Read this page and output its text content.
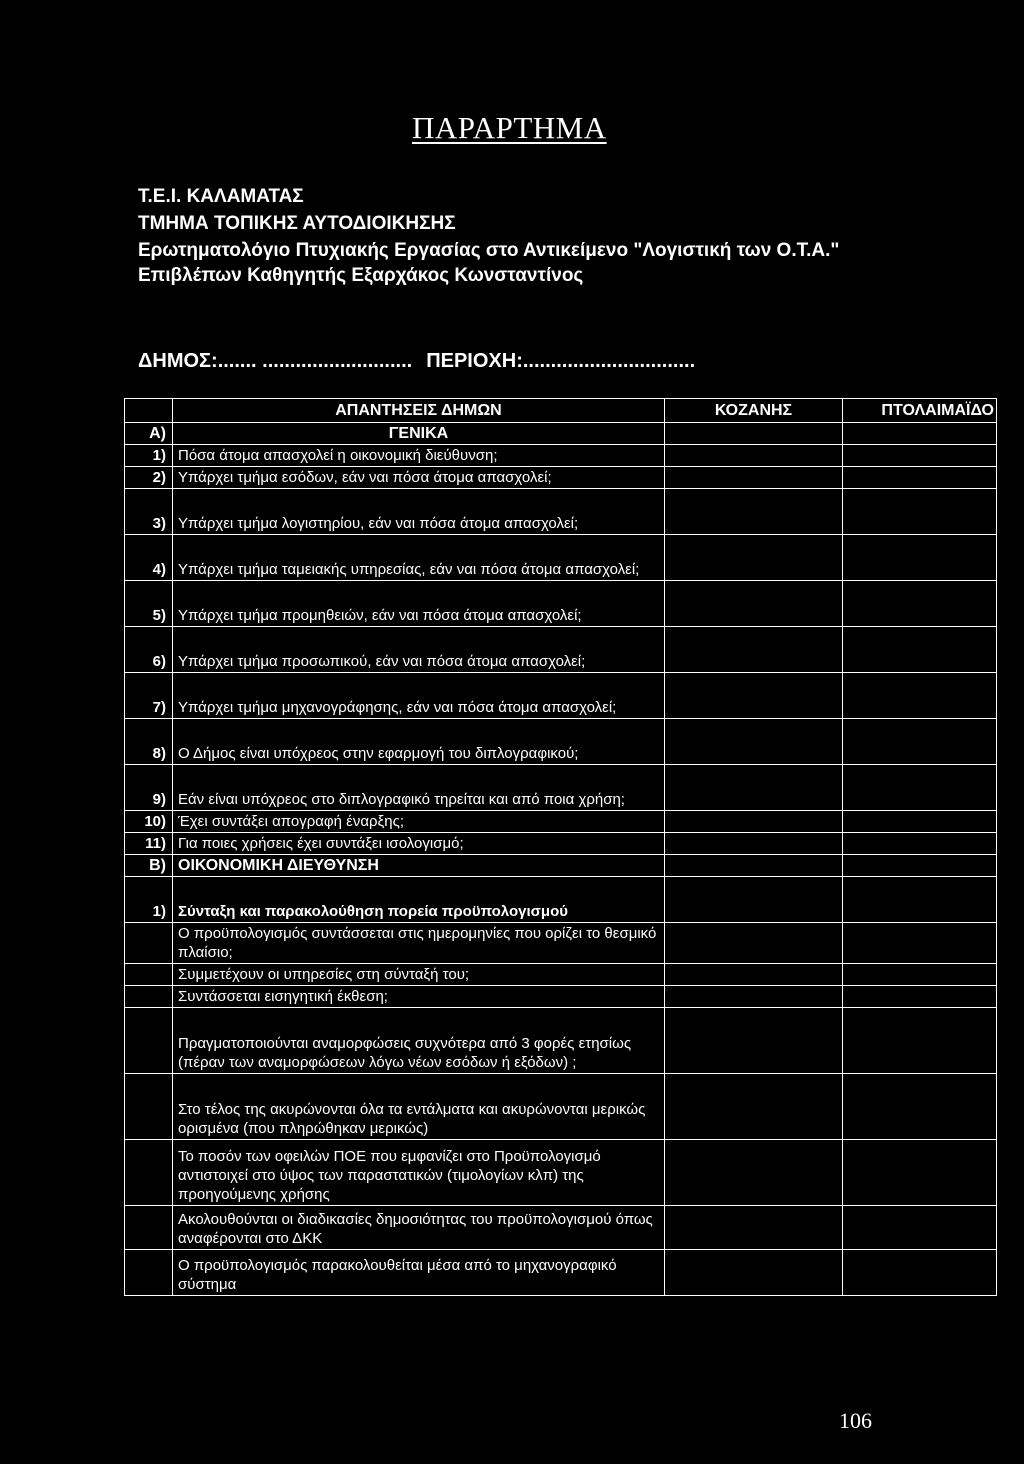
ΠΑΡΑΡΤΗΜΑ
Τ.Ε.Ι. ΚΑΛΑΜΑΤΑΣ
ΤΜΗΜΑ ΤΟΠΙΚΗΣ ΑΥΤΟΔΙΟΙΚΗΣΗΣ
Ερωτηματολόγιο Πτυχιακής Εργασίας στο Αντικείμενο "Λογιστική των Ο.Τ.Α."
Επιβλέπων Καθηγητής Εξαρχάκος Κωνσταντίνος
ΔΗΜΟΣ:....... ........................... ΠΕΡΙΟΧΗ:...............................
	ΑΠΑΝΤΗΣΕΙΣ ΔΗΜΩΝ	ΚΟΖΑΝΗΣ	ΠΤΟΛΑΙΜΑΪΔΟ
Α)	ΓΕΝΙΚΑ		
1)	Πόσα άτομα απασχολεί η οικονομική διεύθυνση;		
2)	Υπάρχει τμήμα εσόδων, εάν ναι πόσα άτομα απασχολεί;		
3)	Υπάρχει τμήμα λογιστηρίου, εάν ναι πόσα άτομα απασχολεί;		
4)	Υπάρχει τμήμα ταμειακής υπηρεσίας, εάν ναι πόσα άτομα απασχολεί;		
5)	Υπάρχει τμήμα προμηθειών, εάν ναι πόσα άτομα απασχολεί;		
6)	Υπάρχει τμήμα προσωπικού, εάν ναι πόσα άτομα απασχολεί;		
7)	Υπάρχει τμήμα μηχανογράφησης, εάν ναι πόσα άτομα απασχολεί;		
8)	Ο Δήμος είναι υπόχρεος στην εφαρμογή του διπλογραφικού;		
9)	Εάν είναι υπόχρεος στο διπλογραφικό τηρείται και από ποια χρήση;		
10)	Έχει συντάξει απογραφή έναρξης;		
11)	Για ποιες χρήσεις έχει συντάξει ισολογισμό;		
Β)	ΟΙΚΟΝΟΜΙΚΗ ΔΙΕΥΘΥΝΣΗ		
1)	Σύνταξη και παρακολούθηση πορεία προϋπολογισμού		
	Ο προϋπολογισμός συντάσσεται στις ημερομηνίες που ορίζει το θεσμικό πλαίσιο;		
	Συμμετέχουν οι υπηρεσίες στη σύνταξή του;		
	Συντάσσεται εισηγητική έκθεση;		
	Πραγματοποιούνται αναμορφώσεις συχνότερα από 3 φορές ετησίως (πέραν των αναμορφώσεων λόγω νέων εσόδων ή εξόδων) ;		
	Στο τέλος της ακυρώνονται όλα τα εντάλματα και ακυρώνονται μερικώς ορισμένα (που πληρώθηκαν μερικώς)		
	Το ποσόν των οφειλών ΠΟΕ που εμφανίζει στο Προϋπολογισμό αντιστοιχεί στο ύψος των παραστατικών (τιμολογίων κλπ) της προηγούμενης χρήσης		
	Ακολουθούνται οι διαδικασίες δημοσιότητας του προϋπολογισμού όπως αναφέρονται στο ΔΚΚ		
	Ο προϋπολογισμός παρακολουθείται μέσα από το μηχανογραφικό σύστημα		
106
